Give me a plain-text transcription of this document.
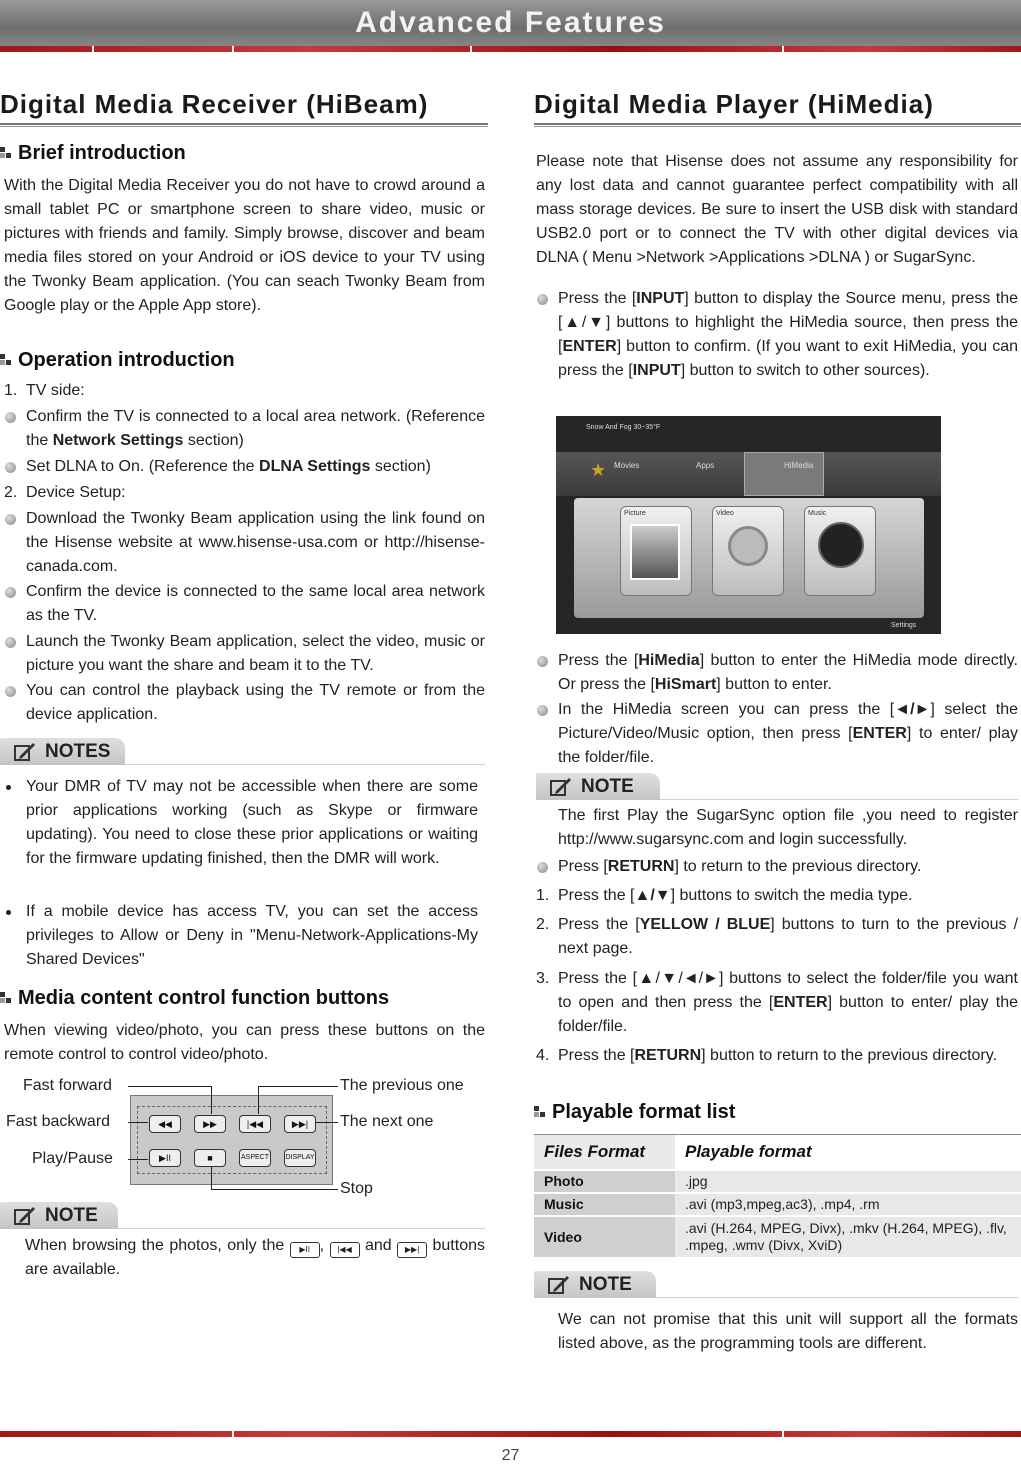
Advanced Features
Digital Media Receiver (HiBeam)
Brief introduction
With the Digital Media Receiver you do not have to crowd around a small tablet PC or smartphone screen to share video, music or pictures with friends and family. Simply browse, discover and beam media files stored on your Android or iOS device to your TV using the Twonky Beam application. (You can seach Twonky Beam from Google play or the Apple App store).
Operation introduction
1. TV side:
Confirm the TV is connected to a local area network. (Reference the Network Settings section)
Set DLNA to On. (Reference the DLNA Settings section)
2. Device Setup:
Download the Twonky Beam application using the link found on the Hisense website at www.hisense-usa.com or http://hisense-canada.com.
Confirm the device is connected to the same local area network as the TV.
Launch the Twonky Beam application, select the video, music or picture you want the share and beam it to the TV.
You can control the playback using the TV remote or from the device application.
NOTES
Your DMR of TV may not be accessible when there are some prior applications working (such as Skype or firmware updating). You need to close these prior applications or waiting for the firmware updating finished, then the DMR will work.
If a mobile device has access TV, you can set the access privileges to Allow or Deny in "Menu-Network-Applications-My Shared Devices"
Media content control function buttons
When viewing video/photo, you can press these buttons on the remote control to control video/photo.
Fast forward
Fast backward
Play/Pause
The previous one
The next one
Stop
◀◀	▶▶	|◀◀	▶▶|
▶II	■	ASPECT DISPLAY
NOTE
When browsing the photos, only the ▶II , |◀◀ and ▶▶| buttons are available.
Digital Media Player (HiMedia)
Please note that Hisense does not assume any responsibility for any lost data and cannot guarantee perfect compatibility with all mass storage devices. Be sure to insert the USB disk with standard USB2.0 port or to connect the TV with other digital devices via DLNA ( Menu >Network >Applications >DLNA ) or SugarSync.
Press the [INPUT] button to display the Source menu, press the [▲/▼] buttons to highlight the HiMedia source, then press the [ENTER] button to confirm. (If you want to exit HiMedia, you can press the [INPUT] button to switch to other sources).
Snow And Fog 30~35°F
★ Movies	Apps	HiMedia
Picture	Video	Music
Settings
Press the [HiMedia] button to enter the HiMedia mode directly. Or press the [HiSmart] button to enter.
In the HiMedia screen you can press the [◄/►] select the Picture/Video/Music option, then press [ENTER] to enter/ play the folder/file.
NOTE
The first Play the SugarSync option file ,you need to register http://www.sugarsync.com and login successfully.
Press [RETURN] to return to the previous directory.
1. Press the [▲/▼] buttons to switch the media type.
2. Press the [YELLOW / BLUE] buttons to turn to the previous / next page.
3. Press the [▲/▼/◄/►] buttons to select the folder/file you want to open and then press the [ENTER] button to enter/ play the folder/file.
4. Press the [RETURN] button to return to the previous directory.
Playable format list
Files Format	Playable format
Photo	.jpg
Music	.avi (mp3,mpeg,ac3), .mp4, .rm
Video	.avi (H.264, MPEG, Divx), .mkv (H.264, MPEG), .flv, .mpeg, .wmv (Divx, XviD)
NOTE
We can not promise that this unit will support all the formats listed above, as the programming tools are different.
27
